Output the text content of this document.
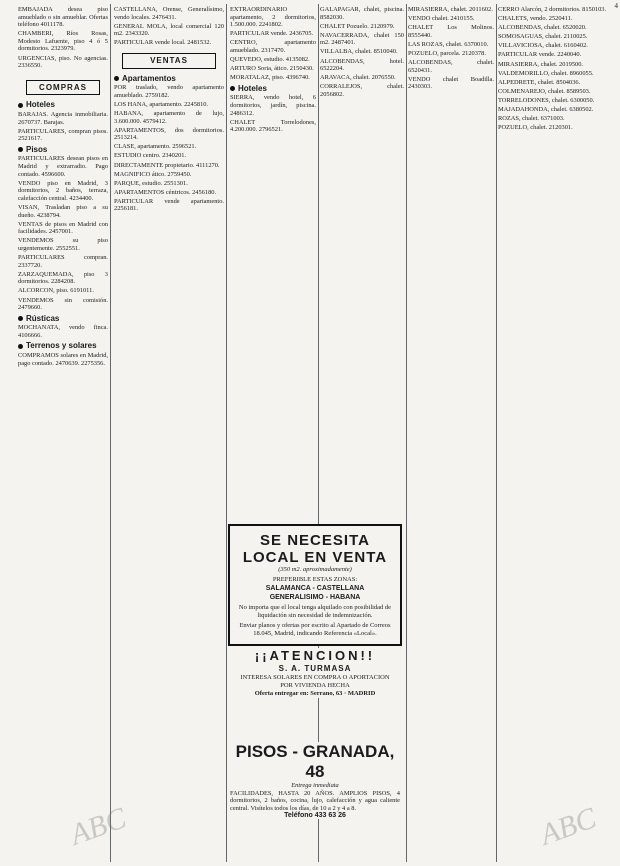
4

EMBAJADA desea piso amueblado o sin amueblar. Ofertas teléfono 4011178.

CHAMBERI, Ríos Rosas, Modesto Lafuente, piso 4 ó 5 dormitorios. 2323979.

URGENCIAS, piso. No agencias. 2336550.

COMPRAS
Hoteles

BARAJAS. Agencia inmobiliaria. 2670737. Barajas.

PARTICULARES, compran pisos. 2521617.

Pisos

PARTICULARES desean pisos en Madrid y extrarradio. Pago contado. 4596600.

VENDO piso en Madrid, 3 dormitorios, 2 baños, terraza, calefacción central. 4234400.

VISAN, Trasladan piso a su dueño. 4238794.

VENTAS de pisos en Madrid con facilidades. 2457001.

VENDEMOS su piso urgentemente. 2552551.

PARTICULARES compran. 2337720.

ZARZAQUEMADA, piso 3 dormitorios. 2284208.

ALCORCON, piso. 6191011.

VENDEMOS sin comisión. 2479660.

Rústicas

MOCHANATA, vendo finca. 4106666.

Terrenos y solares

COMPRAMOS solares en Madrid, pago contado. 2470639. 2275356.

CASTELLANA, Orense, Generalísimo, vendo locales. 2476431.

GENERAL MOLA, local comercial 120 m2. 2343320.

PARTICULAR vende local. 2481532.

VENTAS
Apartamentos

POR traslado, vendo apartamento amueblado. 2759182.

LOS HANA, apartamento. 2245810.

HABANA, apartamento de lujo, 3.600.000. 4579412.

APARTAMENTOS, dos dormitorios. 2513214.

CLASE, apartamento. 2596521.

ESTUDIO centro. 2340201.

DIRECTAMENTE propietario. 4111270.

MAGNIFICO ático. 2759450.

PARQUE, estudio. 2551301.

APARTAMENTOS céntricos. 2456180.

PARTICULAR vende apartamento. 2256181.

EXTRAORDINARIO apartamento, 2 dormitorios, 1.500.000. 2241802.

PARTICULAR vende. 2436705.

CENTRO, apartamento amueblado. 2317470.

QUEVEDO, estudio. 4135082.

ARTURO Soria, ático. 2150430.

MORATALAZ, piso. 4396740.

Hoteles

SIERRA, vendo hotel, 6 dormitorios, jardín, piscina. 2486312.

CHALET Torrelodones, 4.200.000. 2796521.

GALAPAGAR, chalet, piscina. 8582030.

CHALET Pozuelo. 2120979.

NAVACERRADA, chalet 150 m2. 2487401.

VILLALBA, chalet. 8510040.

ALCOBENDAS, hotel. 6522204.

ARAVACA, chalet. 2076550.

CORRALEJOS, chalet. 2056802.

MIRASIERRA, chalet. 2011602.

VENDO chalet. 2410155.

CHALET Los Molinos. 8555440.

LAS ROZAS, chalet. 6370010.

POZUELO, parcela. 2120378.

ALCOBENDAS, chalet. 6520431.

VENDO chalet Boadilla. 2430303.

CERRO Alarcón, 2 dormitorios. 8150103.

CHALETS, vendo. 2520411.

ALCOBENDAS, chalet. 6520020.

SOMOSAGUAS, chalet. 2110025.

VILLAVICIOSA, chalet. 6160402.

PARTICULAR vende. 2240040.

MIRASIERRA, chalet. 2019500.

VALDEMORILLO, chalet. 8960055.

ALPEDRETE, chalet. 8504036.

COLMENAREJO, chalet. 8589503.

TORRELODONES, chalet. 6300050.

MAJADAHONDA, chalet. 6380502.

ROZAS, chalet. 6371003.

POZUELO, chalet. 2120301.

SE NECESITA
LOCAL EN VENTA
(350 m2. aproximadamente)
PREFERIBLE ESTAS ZONAS:
SALAMANCA - CASTELLANA
GENERALISIMO - HABANA
No importa que el local tenga alquilado con posibilidad de liquidación sin necesidad de indemnización.
Enviar planos y ofertas por escrito al Apartado de Correos 18.045, Madrid, indicando Referencia «Local».
¡¡ATENCION!!
S. A. TURMASA
INTERESA SOLARES EN COMPRA O APORTACION
POR VIVIENDA HECHA
Oferta entregar en: Serrano, 63 · MADRID
PISOS - GRANADA, 48
Entrega inmediata
FACILIDADES, HASTA 20 AÑOS. AMPLIOS PISOS, 4 dormitorios, 2 baños, cocina, lujo, calefacción y agua caliente central. Visítelos todos los días, de 10 a 2 y 4 a 8.
Teléfono 433 63 26
ABC	ABC
